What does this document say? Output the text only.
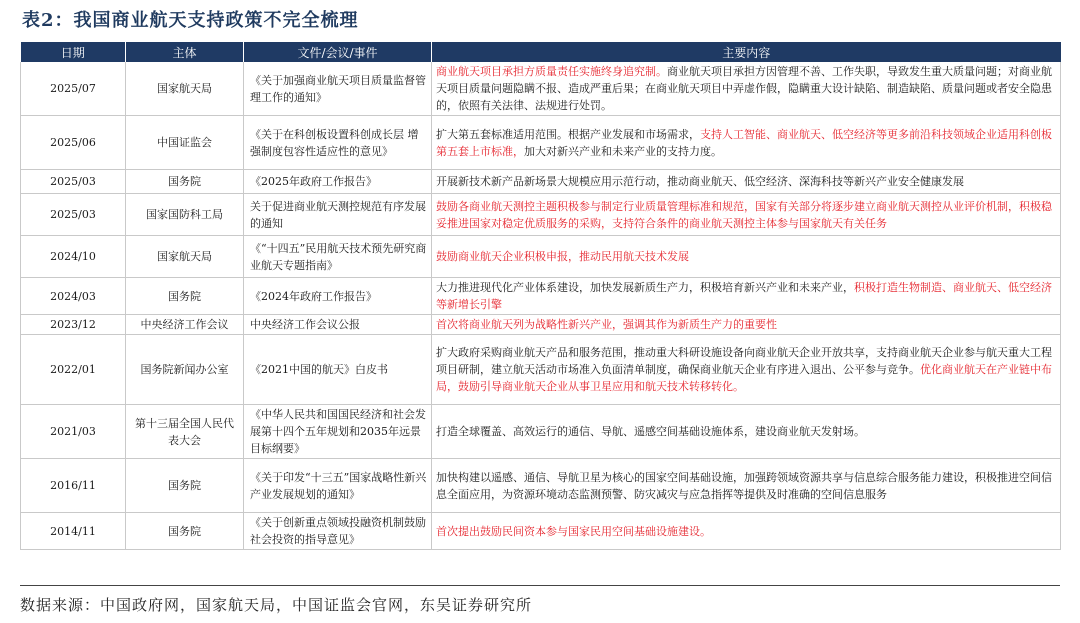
表2：我国商业航天支持政策不完全梳理
日期	主体	文件/会议/事件	主要内容
2025/07	国家航天局	《关于加强商业航天项目质量监督管理工作的通知》	商业航天项目承担方质量责任实施终身追究制。商业航天项目承担方因管理不善、工作失职，导致发生重大质量问题；对商业航天项目质量问题隐瞒不报、造成严重后果；在商业航天项目中弄虚作假，隐瞒重大设计缺陷、制造缺陷、质量问题或者安全隐患的，依照有关法律、法规进行处罚。
2025/06	中国证监会	《关于在科创板设置科创成长层 增强制度包容性适应性的意见》	扩大第五套标准适用范围。根据产业发展和市场需求，支持人工智能、商业航天、低空经济等更多前沿科技领域企业适用科创板第五套上市标准，加大对新兴产业和未来产业的支持力度。
2025/03	国务院	《2025年政府工作报告》	开展新技术新产品新场景大规模应用示范行动，推动商业航天、低空经济、深海科技等新兴产业安全健康发展
2025/03	国家国防科工局	关于促进商业航天测控规范有序发展的通知	鼓励各商业航天测控主题积极参与制定行业质量管理标准和规范，国家有关部分将逐步建立商业航天测控从业评价机制，积极稳妥推进国家对稳定优质服务的采购，支持符合条件的商业航天测控主体参与国家航天有关任务
2024/10	国家航天局	《“十四五”民用航天技术预先研究商业航天专题指南》	鼓励商业航天企业积极申报，推动民用航天技术发展
2024/03	国务院	《2024年政府工作报告》	大力推进现代化产业体系建设，加快发展新质生产力，积极培育新兴产业和未来产业，积极打造生物制造、商业航天、低空经济等新增长引擎
2023/12	中央经济工作会议	中央经济工作会议公报	首次将商业航天列为战略性新兴产业，强调其作为新质生产力的重要性
2022/01	国务院新闻办公室	《2021中国的航天》白皮书	扩大政府采购商业航天产品和服务范围，推动重大科研设施设备向商业航天企业开放共享，支持商业航天企业参与航天重大工程项目研制，建立航天活动市场准入负面清单制度，确保商业航天企业有序进入退出、公平参与竞争。优化商业航天在产业链中布局，鼓励引导商业航天企业从事卫星应用和航天技术转移转化。
2021/03	第十三届全国人民代表大会	《中华人民共和国国民经济和社会发展第十四个五年规划和2035年远景目标纲要》	打造全球覆盖、高效运行的通信、导航、遥感空间基础设施体系，建设商业航天发射场。
2016/11	国务院	《关于印发“十三五”国家战略性新兴产业发展规划的通知》	加快构建以遥感、通信、导航卫星为核心的国家空间基础设施，加强跨领域资源共享与信息综合服务能力建设，积极推进空间信息全面应用，为资源环境动态监测预警、防灾减灾与应急指挥等提供及时准确的空间信息服务
2014/11	国务院	《关于创新重点领域投融资机制鼓励社会投资的指导意见》	首次提出鼓励民间资本参与国家民用空间基础设施建设。
数据来源：中国政府网，国家航天局，中国证监会官网，东吴证券研究所
